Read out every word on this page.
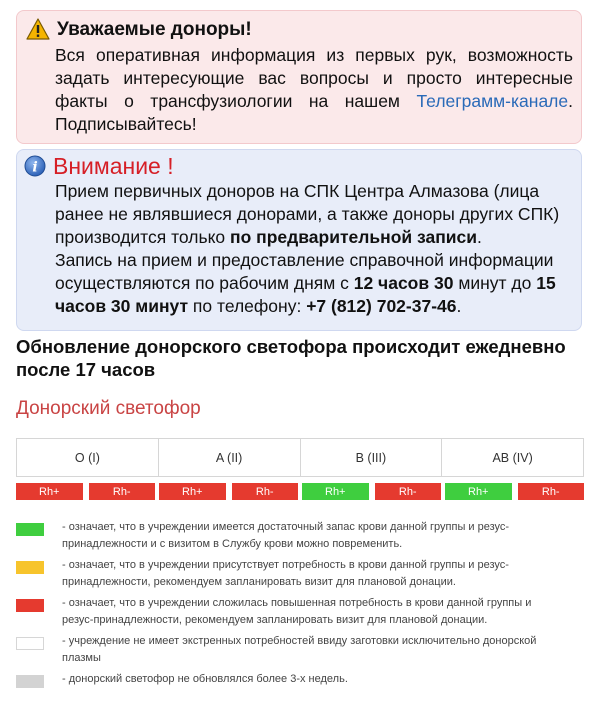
Уважаемые доноры!
Вся оперативная информация из первых рук, возможность задать интересующие вас вопросы и просто интересные факты о трансфузиологии на нашем Телеграмм-канале. Подписывайтесь!
i Внимание !
Прием первичных доноров на СПК Центра Алмазова (лица ранее не являвшиеся донорами, а также доноры других СПК) производится только по предварительной записи.
Запись на прием и предоставление справочной информации осуществляются по рабочим дням с 12 часов 30 минут до 15 часов 30 минут по телефону: +7 (812) 702-37-46.
Обновление донорского светофора происходит ежедневно после 17 часов
Донорский светофор
O (I)	A (II)	B (III)	AB (IV)
Rh+	Rh-	Rh+	Rh-	Rh+	Rh-	Rh+	Rh-
- означает, что в учреждении имеется достаточный запас крови данной группы и резус-принадлежности и с визитом в Службу крови можно повременить.
- означает, что в учреждении присутствует потребность в крови данной группы и резус-принадлежности, рекомендуем запланировать визит для плановой донации.
- означает, что в учреждении сложилась повышенная потребность в крови данной группы и резус-принадлежности, рекомендуем запланировать визит для плановой донации.
- учреждение не имеет экстренных потребностей ввиду заготовки исключительно донорской плазмы
- донорский светофор не обновлялся более 3-х недель.
